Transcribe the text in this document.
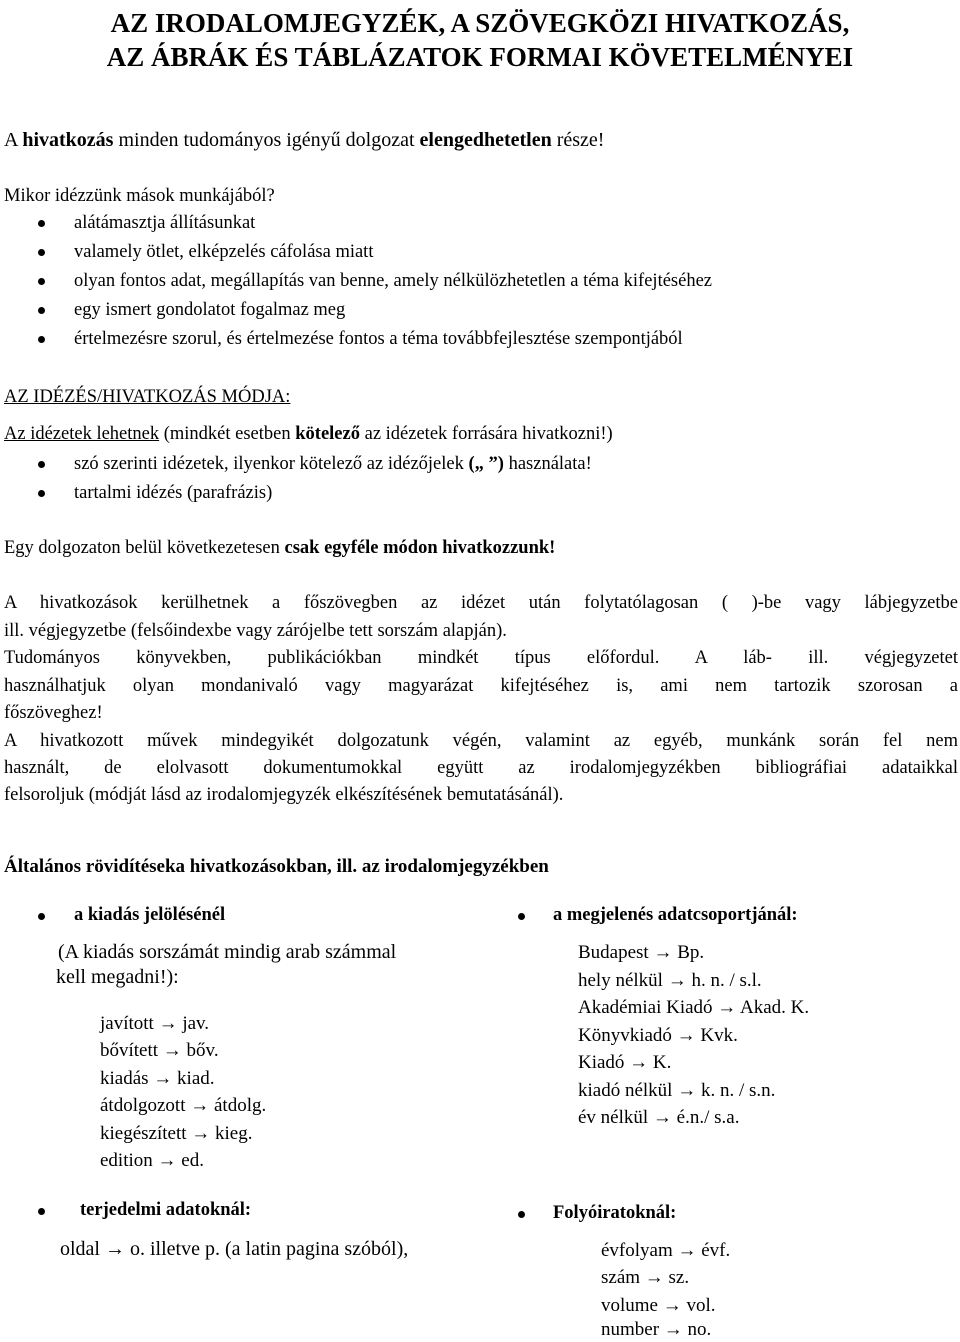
AZ IRODALOMJEGYZÉK, A SZÖVEGKÖZI HIVATKOZÁS,
AZ ÁBRÁK ÉS TÁBLÁZATOK FORMAI KÖVETELMÉNYEI
A hivatkozás minden tudományos igényű dolgozat elengedhetetlen része!
Mikor idézzünk mások munkájából?
alátámasztja állításunkat
valamely ötlet, elképzelés cáfolása miatt
olyan fontos adat, megállapítás van benne, amely nélkülözhetetlen a téma kifejtéséhez
egy ismert gondolatot fogalmaz meg
értelmezésre szorul, és értelmezése fontos a téma továbbfejlesztése szempontjából
AZ IDÉZÉS/HIVATKOZÁS MÓDJA:
Az idézetek lehetnek (mindkét esetben kötelező az idézetek forrására hivatkozni!)
szó szerinti idézetek, ilyenkor kötelező az idézőjelek („ ”) használata!
tartalmi idézés (parafrázis)
Egy dolgozaton belül következetesen csak egyféle módon hivatkozzunk!
A hivatkozások kerülhetnek a főszövegben az idézet után folytatólagosan ( )-be vagy lábjegyzetbe
ill. végjegyzetbe (felsőindexbe vagy zárójelbe tett sorszám alapján).
Tudományos könyvekben, publikációkban mindkét típus előfordul. A láb- ill. végjegyzetet
használhatjuk olyan mondanivaló vagy magyarázat kifejtéséhez is, ami nem tartozik szorosan a
főszöveghez!
A hivatkozott művek mindegyikét dolgozatunk végén, valamint az egyéb, munkánk során fel nem
használt, de elolvasott dokumentumokkal együtt az irodalomjegyzékben bibliográfiai adataikkal
felsoroljuk (módját lásd az irodalomjegyzék elkészítésének bemutatásánál).
Általános rövidítéseka hivatkozásokban, ill. az irodalomjegyzékben
a kiadás jelölésénél
(A kiadás sorszámát mindig arab számmal
kell megadni!):
javított → jav.
bővített → bőv.
kiadás → kiad.
átdolgozott → átdolg.
kiegészített → kieg.
edition → ed.
a megjelenés adatcsoportjánál:
Budapest → Bp.
hely nélkül → h. n. / s.l.
Akadémiai Kiadó → Akad. K.
Könyvkiadó → Kvk.
Kiadó → K.
kiadó nélkül → k. n. / s.n.
év nélkül → é.n./ s.a.
terjedelmi adatoknál:
oldal → o. illetve p. (a latin pagina szóból),
Folyóiratoknál:
évfolyam → évf.
szám → sz.
volume → vol.
number → no.
